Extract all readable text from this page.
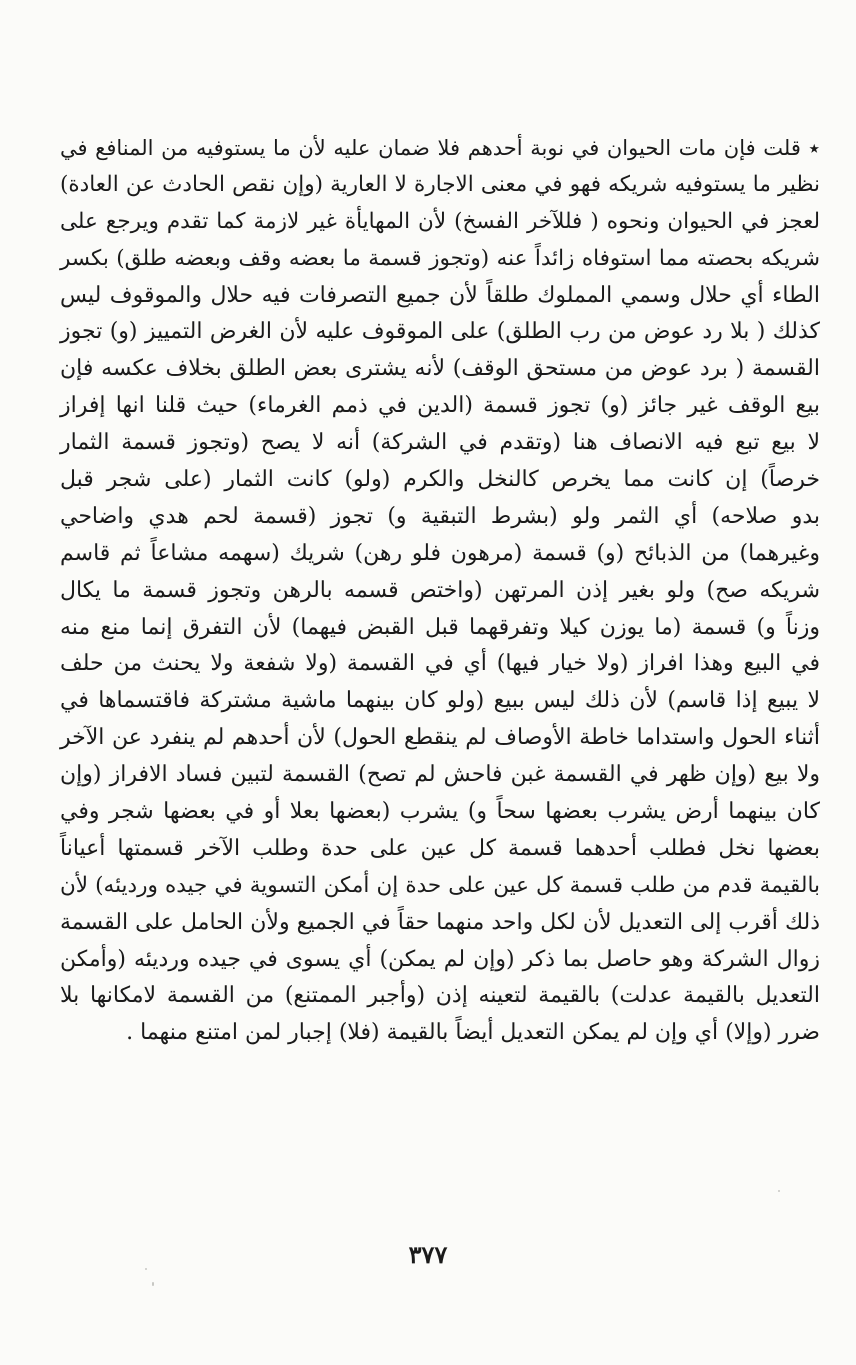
٭ قلت فإن مات الحيوان في نوبة أحدهم فلا ضمان عليه لأن ما يستوفيه من المنافع في
نظير ما يستوفيه شريكه فهو في معنى الاجارة لا العارية (وإن نقص الحادث عن العادة)
لعجز في الحيوان ونحوه ( فللآخر الفسخ) لأن المهايأة غير لازمة كما تقدم ويرجع على
شريكه بحصته مما استوفاه زائداً عنه (وتجوز قسمة ما بعضه وقف وبعضه طلق) بكسر
الطاء أي حلال وسمي المملوك طلقاً لأن جميع التصرفات فيه حلال والموقوف ليس
كذلك ( بلا رد عوض من رب الطلق) على الموقوف عليه لأن الغرض التمييز (و) تجوز
القسمة ( برد عوض من مستحق الوقف) لأنه يشترى بعض الطلق بخلاف عكسه فإن
بيع الوقف غير جائز (و) تجوز قسمة (الدين في ذمم الغرماء) حيث قلنا انها إفراز
لا بيع تبع فيه الانصاف هنا (وتقدم في الشركة) أنه لا يصح (وتجوز قسمة الثمار
خرصاً) إن كانت مما يخرص كالنخل والكرم (ولو) كانت الثمار (على شجر قبل
بدو صلاحه) أي الثمر ولو (بشرط التبقية و) تجوز (قسمة لحم هدي واضاحي
وغيرهما) من الذبائح (و) قسمة (مرهون فلو رهن) شريك (سهمه مشاعاً ثم قاسم
شريكه صح) ولو بغير إذن المرتهن (واختص قسمه بالرهن وتجوز قسمة ما يكال
وزناً و) قسمة (ما يوزن كيلا وتفرقهما قبل القبض فيهما) لأن التفرق إنما منع منه
في البيع وهذا افراز (ولا خيار فيها) أي في القسمة (ولا شفعة ولا يحنث من حلف
لا يبيع إذا قاسم) لأن ذلك ليس ببيع (ولو كان بينهما ماشية مشتركة فاقتسماها في
أثناء الحول واستداما خاطة الأوصاف لم ينقطع الحول) لأن أحدهم لم ينفرد عن الآخر
ولا بيع (وإن ظهر في القسمة غبن فاحش لم تصح) القسمة لتبين فساد الافراز (وإن
كان بينهما أرض يشرب بعضها سحاً و) يشرب (بعضها بعلا أو في بعضها شجر وفي
بعضها نخل فطلب أحدهما قسمة كل عين على حدة وطلب الآخر قسمتها أعياناً
بالقيمة قدم من طلب قسمة كل عين على حدة إن أمكن التسوية في جيده ورديئه) لأن
ذلك أقرب إلى التعديل لأن لكل واحد منهما حقاً في الجميع ولأن الحامل على القسمة
زوال الشركة وهو حاصل بما ذكر (وإن لم يمكن) أي يسوى في جيده ورديئه (وأمكن
التعديل بالقيمة عدلت) بالقيمة لتعينه إذن (وأجبر الممتنع) من القسمة لامكانها بلا
ضرر (وإلا) أي وإن لم يمكن التعديل أيضاً بالقيمة (فلا) إجبار لمن امتنع منهما .
٣٧٧
